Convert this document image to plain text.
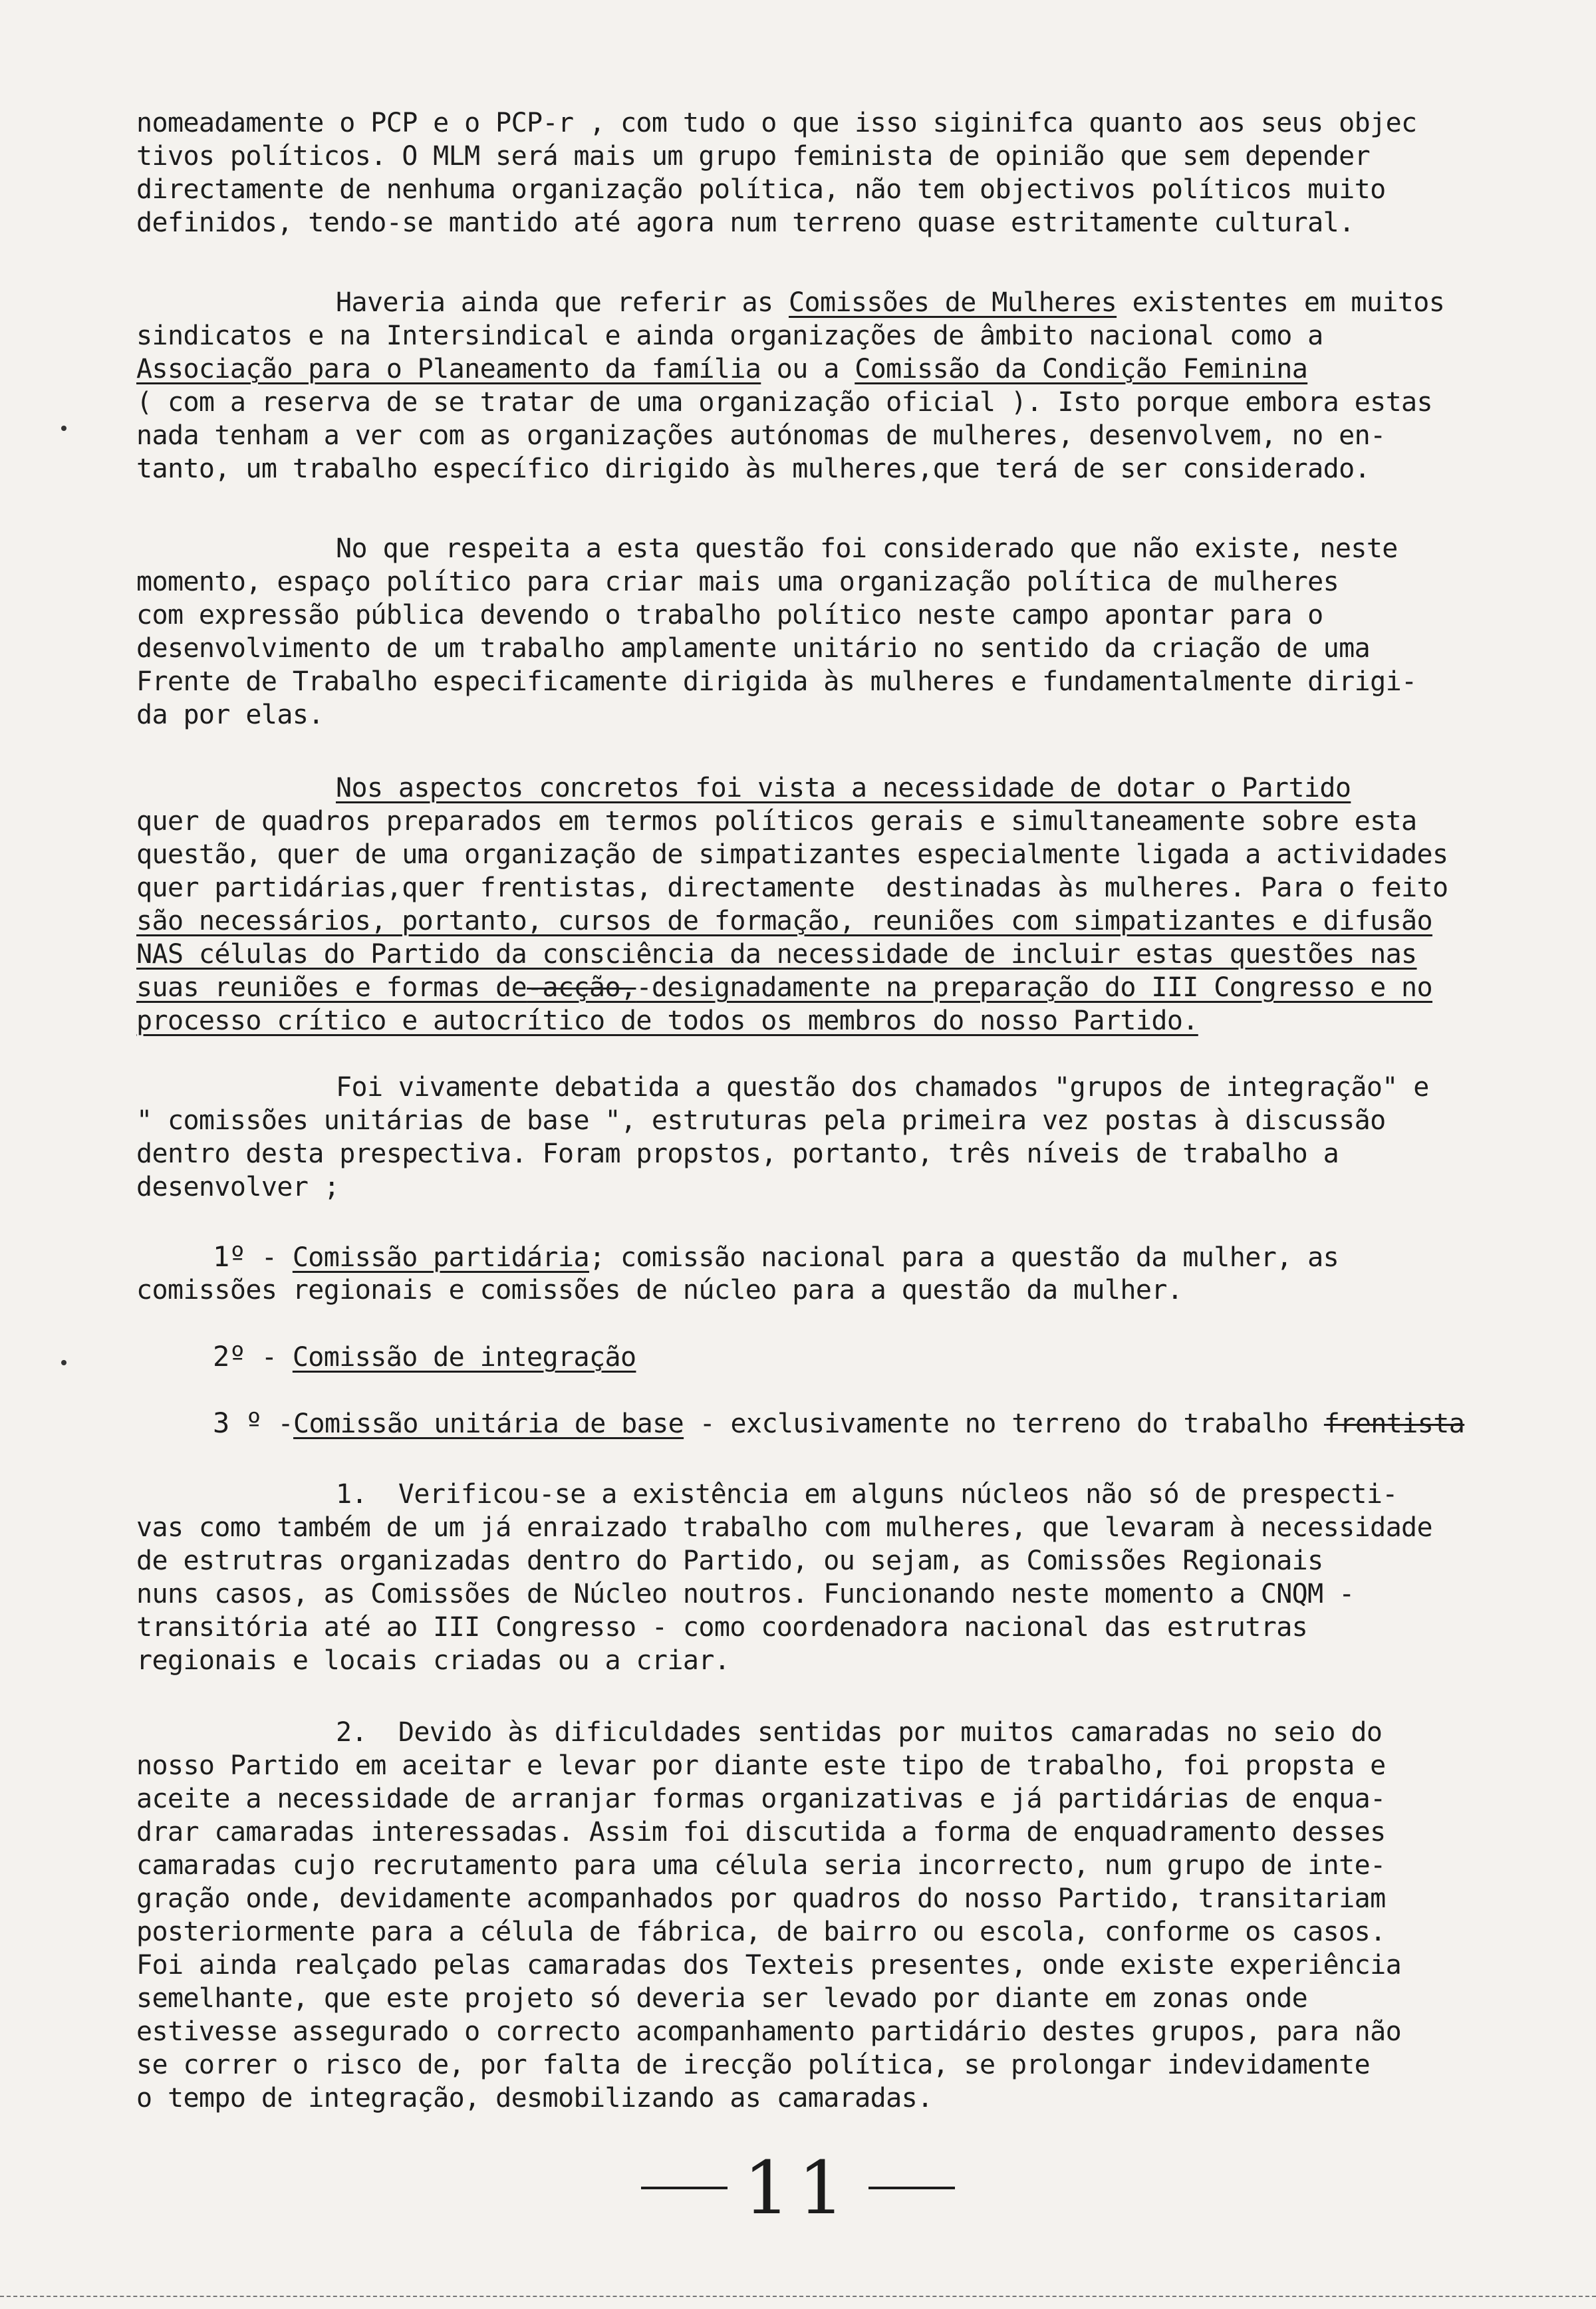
nomeadamente o PCP e o PCP-r , com tudo o que isso siginifca quanto aos seus objec
tivos políticos. O MLM será mais um grupo feminista de opinião que sem depender
directamente de nenhuma organização política, não tem objectivos políticos muito
definidos, tendo-se mantido até agora num terreno quase estritamente cultural.
Haveria ainda que referir as Comissões de Mulheres existentes em muitos
sindicatos e na Intersindical e ainda organizações de âmbito nacional como a
Associação para o Planeamento da família ou a Comissão da Condição Feminina
( com a reserva de se tratar de uma organização oficial ). Isto porque embora estas
nada tenham a ver com as organizações autónomas de mulheres, desenvolvem, no en-
tanto, um trabalho específico dirigido às mulheres,que terá de ser considerado.
No que respeita a esta questão foi considerado que não existe, neste
momento, espaço político para criar mais uma organização política de mulheres
com expressão pública devendo o trabalho político neste campo apontar para o
desenvolvimento de um trabalho amplamente unitário no sentido da criação de uma
Frente de Trabalho especificamente dirigida às mulheres e fundamentalmente dirigi-
da por elas.
Nos aspectos concretos foi vista a necessidade de dotar o Partido
quer de quadros preparados em termos políticos gerais e simultaneamente sobre esta
questão, quer de uma organização de simpatizantes especialmente ligada a actividades
quer partidárias,quer frentistas, directamente  destinadas às mulheres. Para o feito
são necessários, portanto, cursos de formação, reuniões com simpatizantes e difusão
NAS células do Partido da consciência da necessidade de incluir estas questões nas
suas reuniões e formas de-acção,-designadamente na preparação do III Congresso e no
processo crítico e autocrítico de todos os membros do nosso Partido.
Foi vivamente debatida a questão dos chamados "grupos de integração" e
" comissões unitárias de base ", estruturas pela primeira vez postas à discussão
dentro desta prespectiva. Foram propstos, portanto, três níveis de trabalho a
desenvolver ;
1º - Comissão partidária; comissão nacional para a questão da mulher, as
comissões regionais e comissões de núcleo para a questão da mulher.
2º - Comissão de integração
3 º -Comissão unitária de base - exclusivamente no terreno do trabalho frentista
1.  Verificou-se a existência em alguns núcleos não só de prespecti-
vas como também de um já enraizado trabalho com mulheres, que levaram à necessidade
de estrutras organizadas dentro do Partido, ou sejam, as Comissões Regionais
nuns casos, as Comissões de Núcleo noutros. Funcionando neste momento a CNQM -
transitória até ao III Congresso - como coordenadora nacional das estrutras
regionais e locais criadas ou a criar.
2.  Devido às dificuldades sentidas por muitos camaradas no seio do
nosso Partido em aceitar e levar por diante este tipo de trabalho, foi propsta e
aceite a necessidade de arranjar formas organizativas e já partidárias de enqua-
drar camaradas interessadas. Assim foi discutida a forma de enquadramento desses
camaradas cujo recrutamento para uma célula seria incorrecto, num grupo de inte-
gração onde, devidamente acompanhados por quadros do nosso Partido, transitariam
posteriormente para a célula de fábrica, de bairro ou escola, conforme os casos.
Foi ainda realçado pelas camaradas dos Texteis presentes, onde existe experiência
semelhante, que este projeto só deveria ser levado por diante em zonas onde
estivesse assegurado o correcto acompanhamento partidário destes grupos, para não
se correr o risco de, por falta de irecção política, se prolongar indevidamente
o tempo de integração, desmobilizando as camaradas.
11
